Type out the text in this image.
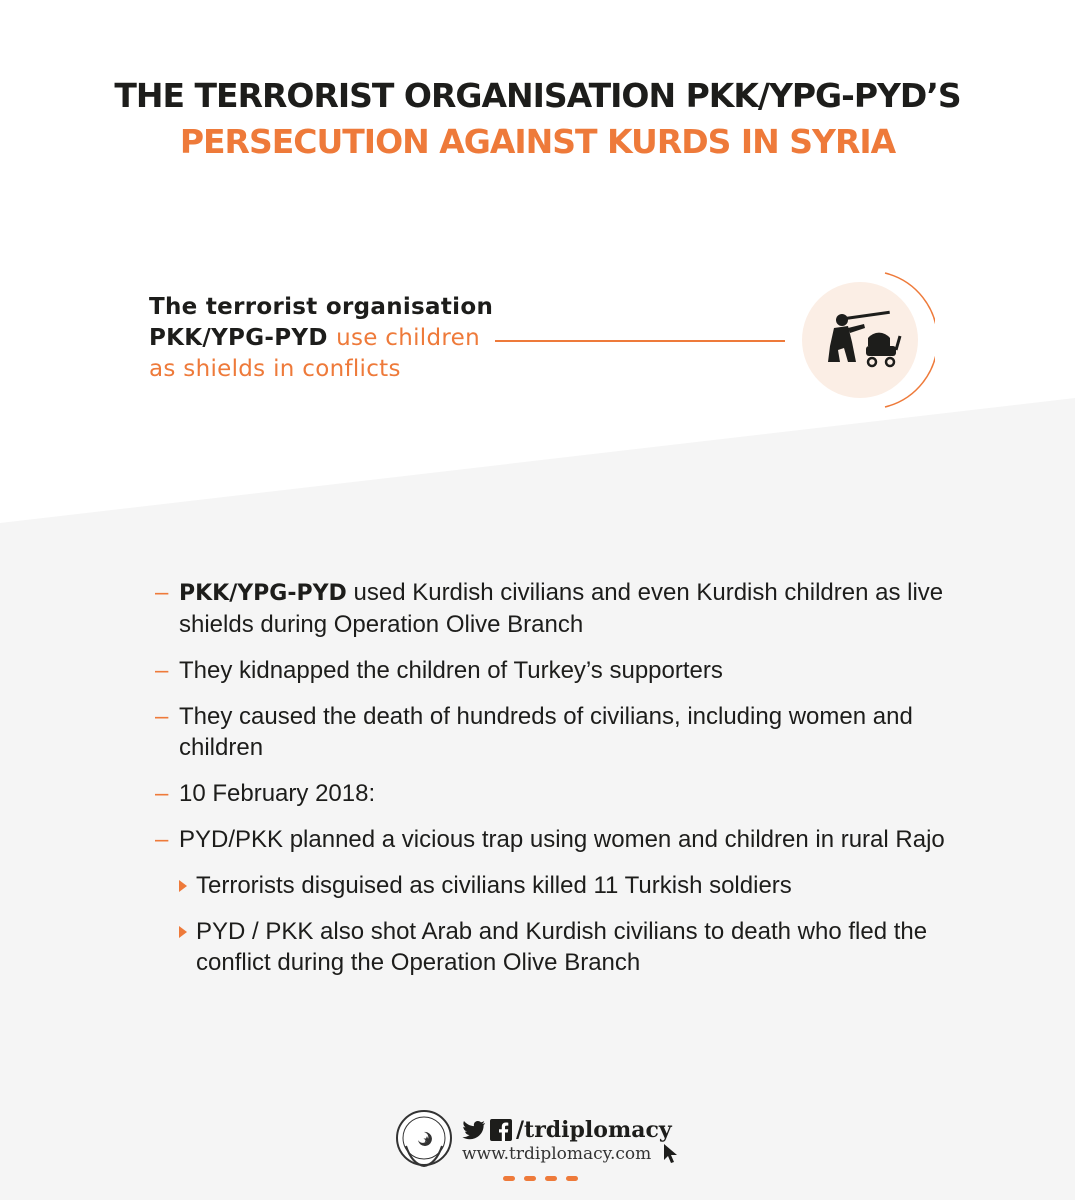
THE TERRORIST ORGANISATION PKK/YPG-PYD’S
PERSECUTION AGAINST KURDS IN SYRIA
The terrorist organisation
PKK/YPG-PYD use children
as shields in conflicts
– PKK/YPG-PYD used Kurdish civilians and even Kurdish children as live shields during Operation Olive Branch
– They kidnapped the children of Turkey’s supporters
– They caused the death of hundreds of civilians, including women and children
– 10 February 2018:
– PYD/PKK planned a vicious trap using women and children in rural Rajo
Terrorists disguised as civilians killed 11 Turkish soldiers
PYD / PKK also shot Arab and Kurdish civilians to death who fled the conflict during the Operation Olive Branch
/trdiplomacy
www.trdiplomacy.com
